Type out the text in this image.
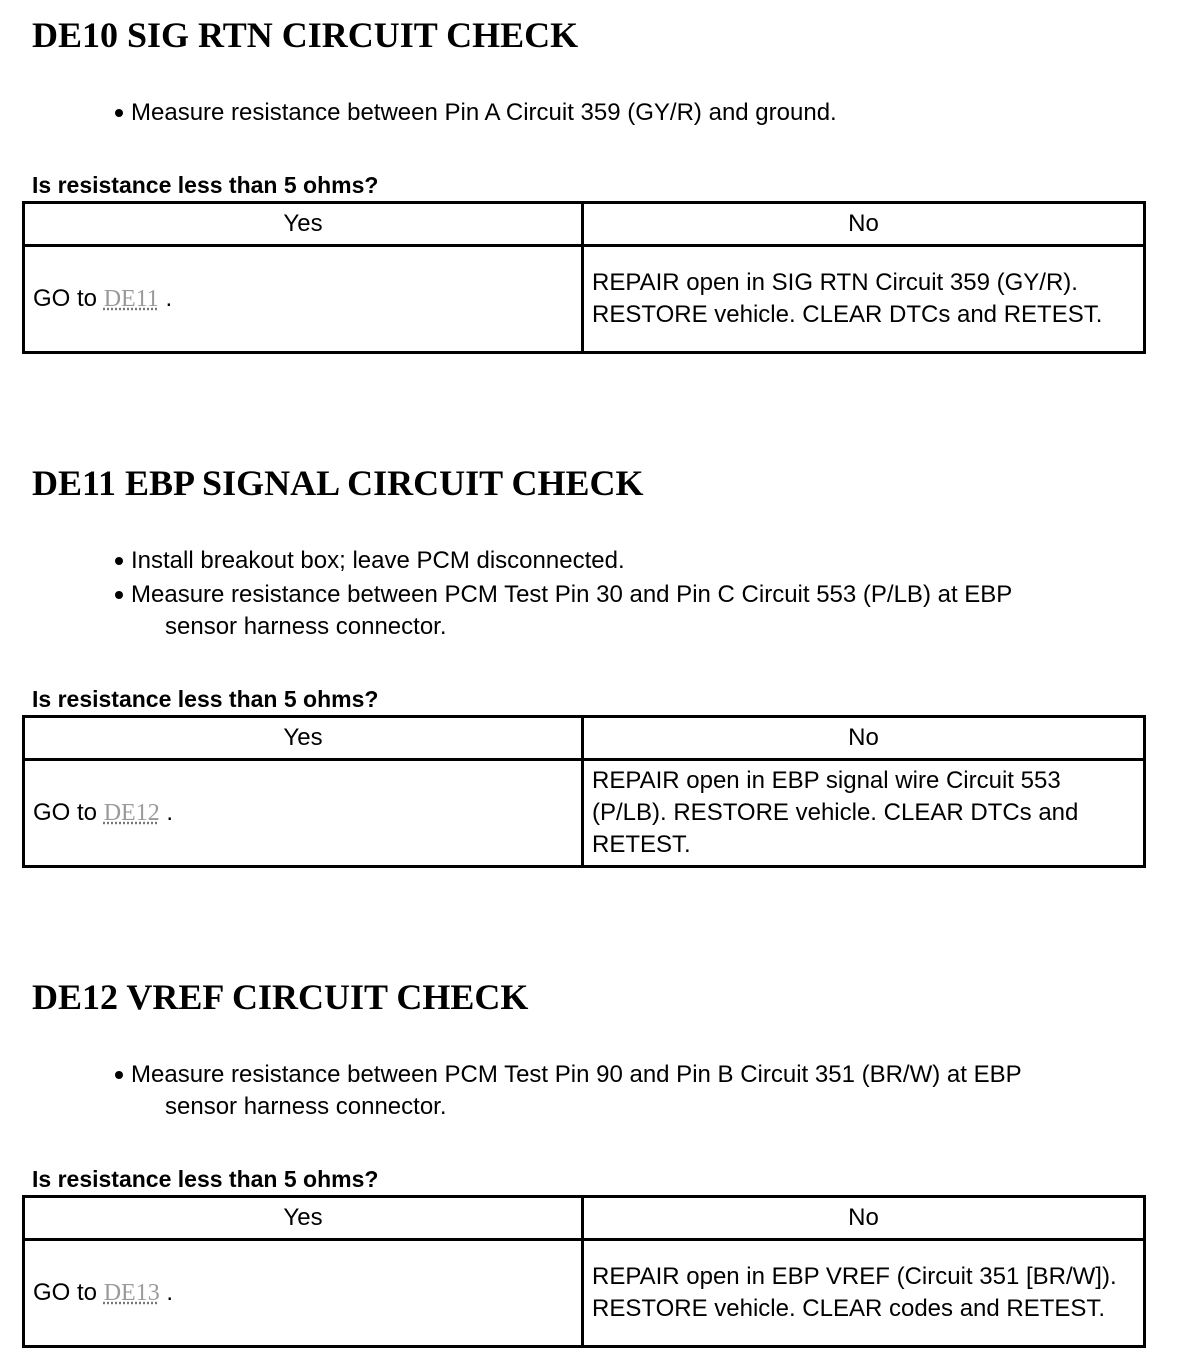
DE10 SIG RTN CIRCUIT CHECK
Measure resistance between Pin A Circuit 359 (GY/R) and ground.

Is resistance less than 5 ohms?

Yes	No
GO to DE11 .	REPAIR open in SIG RTN Circuit 359 (GY/R). RESTORE vehicle. CLEAR DTCs and RETEST.
DE11 EBP SIGNAL CIRCUIT CHECK
Install breakout box; leave PCM disconnected.
Measure resistance between PCM Test Pin 30 and Pin C Circuit 553 (P/LB) at EBP
sensor harness connector.

Is resistance less than 5 ohms?

Yes	No
GO to DE12 .	REPAIR open in EBP signal wire Circuit 553 (P/LB). RESTORE vehicle. CLEAR DTCs and RETEST.
DE12 VREF CIRCUIT CHECK
Measure resistance between PCM Test Pin 90 and Pin B Circuit 351 (BR/W) at EBP
sensor harness connector.

Is resistance less than 5 ohms?

Yes	No
GO to DE13 .	REPAIR open in EBP VREF (Circuit 351 [BR/W]). RESTORE vehicle. CLEAR codes and RETEST.
